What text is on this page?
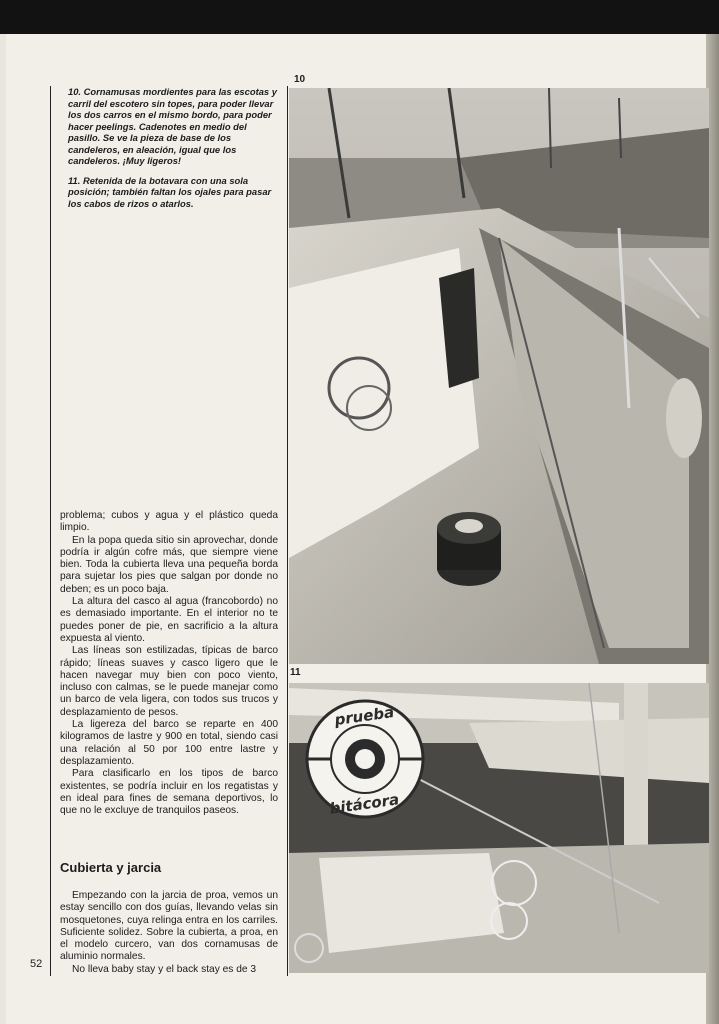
10. Cornamusas mordientes para las escotas y carril del escotero sin topes, para poder llevar los dos carros en el mismo bordo, para poder hacer peelings. Cadenotes en medio del pasillo. Se ve la pieza de base de los candeleros, en aleación, igual que los candeleros. ¡Muy ligeros!

11. Retenida de la botavara con una sola posición; también faltan los ojales para pasar los cabos de rizos o atarlos.

problema; cubos y agua y el plástico queda limpio.

En la popa queda sitio sin aprovechar, donde podría ir algún cofre más, que siempre viene bien. Toda la cubierta lleva una pequeña borda para sujetar los pies que salgan por donde no deben; es un poco baja.

La altura del casco al agua (francobordo) no es demasiado importante. En el interior no te puedes poner de pie, en sacrificio a la altura expuesta al viento.

Las líneas son estilizadas, típicas de barco rápido; líneas suaves y casco ligero que le hacen navegar muy bien con poco viento, incluso con calmas, se le puede manejar como un barco de vela ligera, con todos sus trucos y desplazamiento de pesos.

La ligereza del barco se reparte en 400 kilogramos de lastre y 900 en total, siendo casi una relación al 50 por 100 entre lastre y desplazamiento.

Para clasificarlo en los tipos de barco existentes, se podría incluir en los regatistas y en ideal para fines de semana deportivos, lo que no le excluye de tranquilos paseos.

Cubierta y jarcia

Empezando con la jarcia de proa, vemos un estay sencillo con dos guías, llevando velas sin mosquetones, cuya relinga entra en los carriles. Suficiente solidez. Sobre la cubierta, a proa, en el modelo curcero, van dos cornamusas de aluminio normales.

No lleva baby stay y el back stay es de 3

52
10
11
prueba
bitácora
